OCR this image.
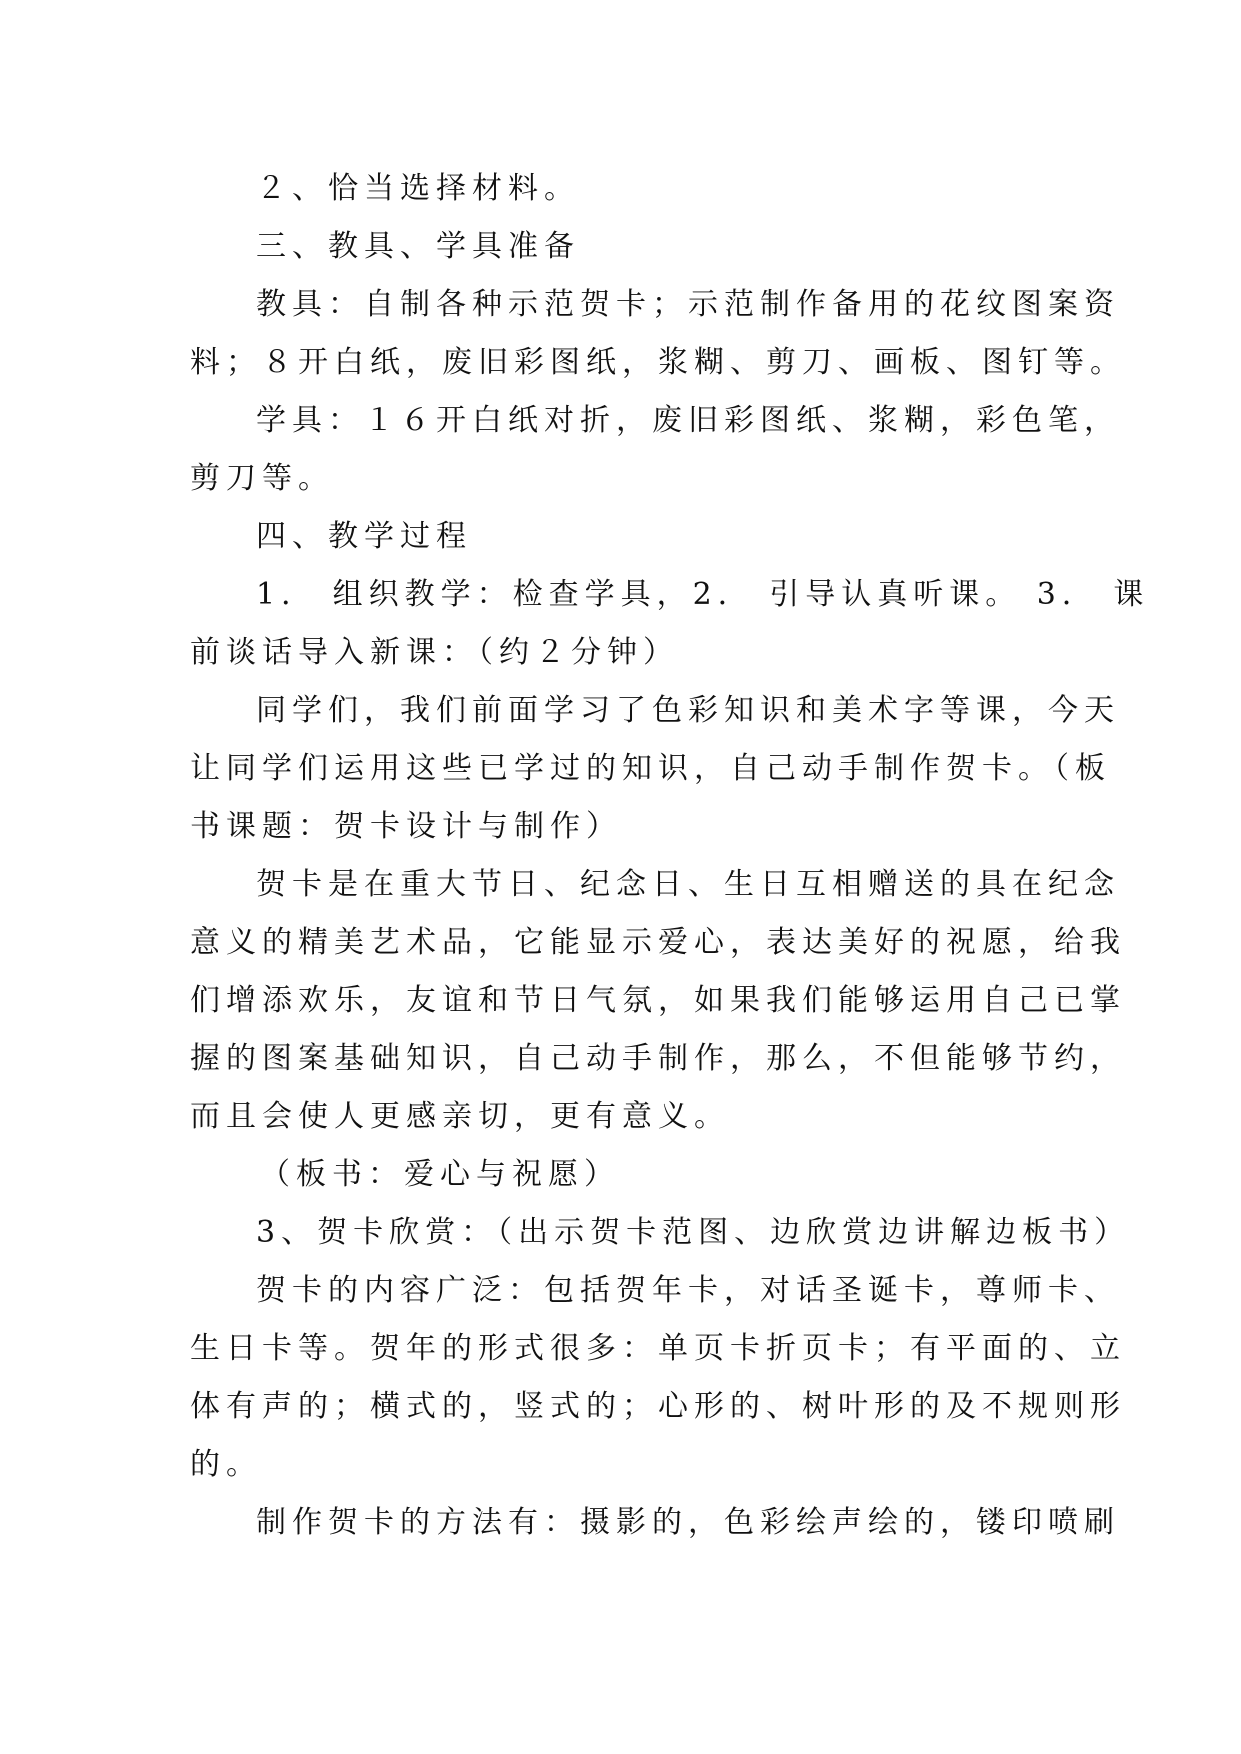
２、恰当选择材料。
三、教具、学具准备
教具：自制各种示范贺卡；示范制作备用的花纹图案资
料；８开白纸，废旧彩图纸，浆糊、剪刀、画板、图钉等。
学具：１６开白纸对折，废旧彩图纸、浆糊，彩色笔，
剪刀等。
四、教学过程
1． 组织教学：检查学具，2． 引导认真听课。 3． 课
前谈话导入新课：（约２分钟）
同学们，我们前面学习了色彩知识和美术字等课，今天
让同学们运用这些已学过的知识，自己动手制作贺卡。（板
书课题：贺卡设计与制作）
贺卡是在重大节日、纪念日、生日互相赠送的具在纪念
意义的精美艺术品，它能显示爱心，表达美好的祝愿，给我
们增添欢乐，友谊和节日气氛，如果我们能够运用自己已掌
握的图案基础知识，自己动手制作，那么，不但能够节约，
而且会使人更感亲切，更有意义。
（板书：爱心与祝愿）
3、贺卡欣赏：（出示贺卡范图、边欣赏边讲解边板书）
贺卡的内容广泛：包括贺年卡，对话圣诞卡，尊师卡、
生日卡等。贺年的形式很多：单页卡折页卡；有平面的、立
体有声的；横式的，竖式的；心形的、树叶形的及不规则形
的。
制作贺卡的方法有：摄影的，色彩绘声绘的，镂印喷刷
